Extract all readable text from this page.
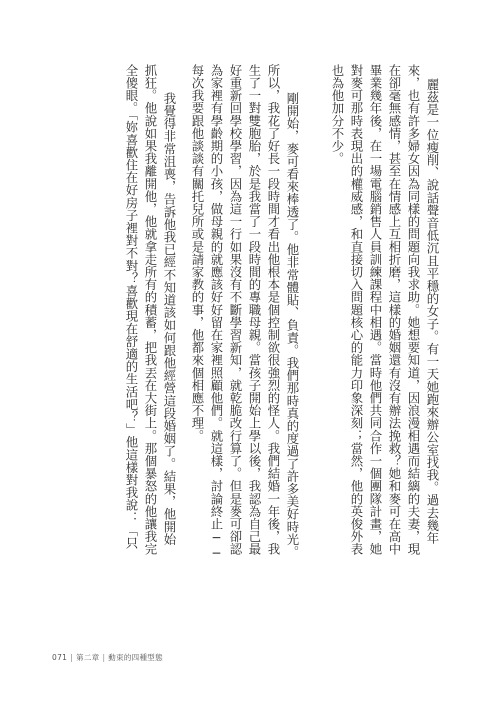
麗茲是一位瘦削、說話聲音低沉且平穩的女子。有一天她跑來辦公室找我。過去幾年
來，也有許多婦女因為同樣的問題向我求助。她想要知道，因浪漫相遇而結縭的夫妻，現
在卻毫無感情，甚至在情感上互相折磨，這樣的婚姻還有沒有辦法挽救？她和麥可在高中
畢業幾年後，在一場電腦銷售人員訓練課程中相遇。當時他們共同合作一個團隊計畫，她
對麥可那時表現出的權威感，和直接切入問題核心的能力印象深刻；當然，他的英俊外表
也為他加分不少。
剛開始，麥可看來棒透了。他非常體貼、負責。我們那時真的度過了許多美好時光。
所以，我花了好長一段時間才看出他根本是個控制欲很強烈的怪人。我們結婚一年後，我
生了一對雙胞胎，於是我當了一段時間的專職母親。當孩子開始上學以後，我認為自己最
好重新回學校學習，因為這一行如果沒有不斷學習新知，就乾脆改行算了。但是麥可卻認
為家裡有學齡期的小孩，做母親的就應該好好留在家裡照顧他們。就這樣，討論終止──
每次我要跟他談談有關托兒所或是請家教的事，他都來個相應不理。
我覺得非常沮喪，告訴他我已經不知道該如何跟他經營這段婚姻了。結果，他開始
抓狂。他說如果我離開他，他就拿走所有的積蓄，把我丟在大街上。那個暴怒的他讓我完
全傻眼。「妳喜歡住在好房子裡對不對？喜歡現在舒適的生活吧？」他這樣對我說：「只
071 | 第二章 | 動束的四種型態
